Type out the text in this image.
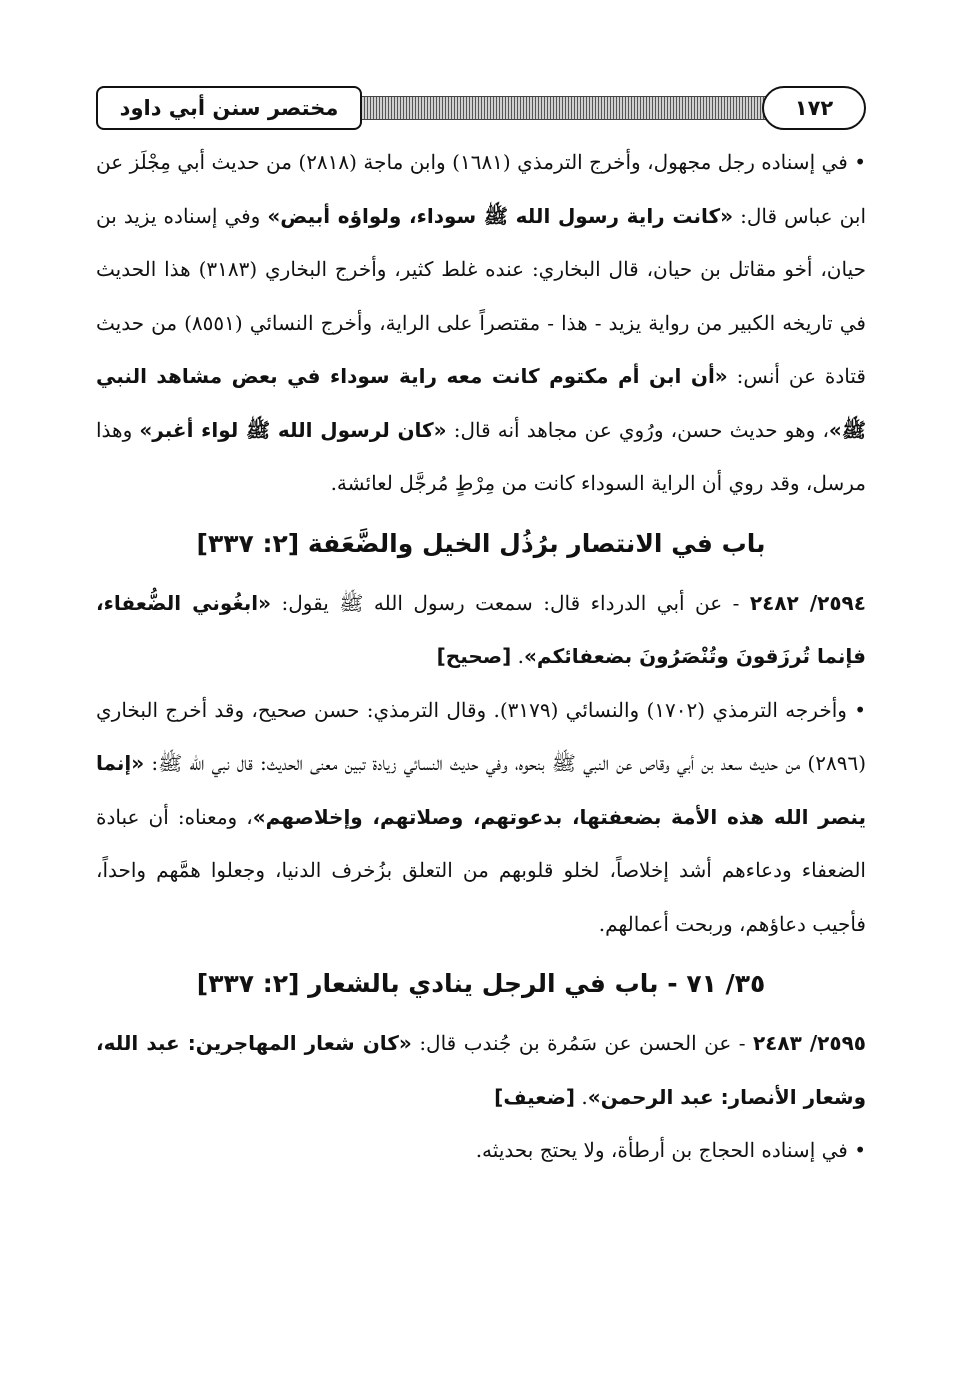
مختصر سنن أبي داود	١٧٢

• في إسناده رجل مجهول، وأخرج الترمذي (١٦٨١) وابن ماجة (٢٨١٨) من حديث أبي مِجْلَز عن ابن عباس قال: «كانت راية رسول الله ﷺ سوداء، ولواؤه أبيض» وفي إسناده يزيد بن حيان، أخو مقاتل بن حيان، قال البخاري: عنده غلط كثير، وأخرج البخاري (٣١٨٣) هذا الحديث في تاريخه الكبير من رواية يزيد - هذا - مقتصراً على الراية، وأخرج النسائي (٨٥٥١) من حديث قتادة عن أنس: «أن ابن أم مكتوم كانت معه راية سوداء في بعض مشاهد النبي ﷺ»، وهو حديث حسن، ورُوي عن مجاهد أنه قال: «كان لرسول الله ﷺ لواء أغبر» وهذا مرسل، وقد روي أن الراية السوداء كانت من مِرْطٍ مُرجَّل لعائشة.

باب في الانتصار برُذُل الخيل والضَّعَفة [٢: ٣٣٧]

٢٥٩٤/ ٢٤٨٢ - عن أبي الدرداء قال: سمعت رسول الله ﷺ يقول: «ابغُوني الضُّعفاء، فإنما تُرزَقونَ وتُنْصَرُونَ بضعفائكم». [صحيح]

• وأخرجه الترمذي (١٧٠٢) والنسائي (٣١٧٩). وقال الترمذي: حسن صحيح، وقد أخرج البخاري (٢٨٩٦) من حديث سعد بن أبي وقاص عن النبي ﷺ بنحوه، وفي حديث النسائي زيادة تبين معنى الحديث: قال نبي الله ﷺ: «إنما ينصر الله هذه الأمة بضعفتها، بدعوتهم، وصلاتهم، وإخلاصهم»، ومعناه: أن عبادة الضعفاء ودعاءهم أشد إخلاصاً، لخلو قلوبهم من التعلق بزُخرف الدنيا، وجعلوا همَّهم واحداً، فأجيب دعاؤهم، وربحت أعمالهم.

٣٥/ ٧١ - باب في الرجل ينادي بالشعار [٢: ٣٣٧]

٢٥٩٥/ ٢٤٨٣ - عن الحسن عن سَمُرة بن جُندب قال: «كان شعار المهاجرين: عبد الله، وشعار الأنصار: عبد الرحمن». [ضعيف]

• في إسناده الحجاج بن أرطأة، ولا يحتج بحديثه.
